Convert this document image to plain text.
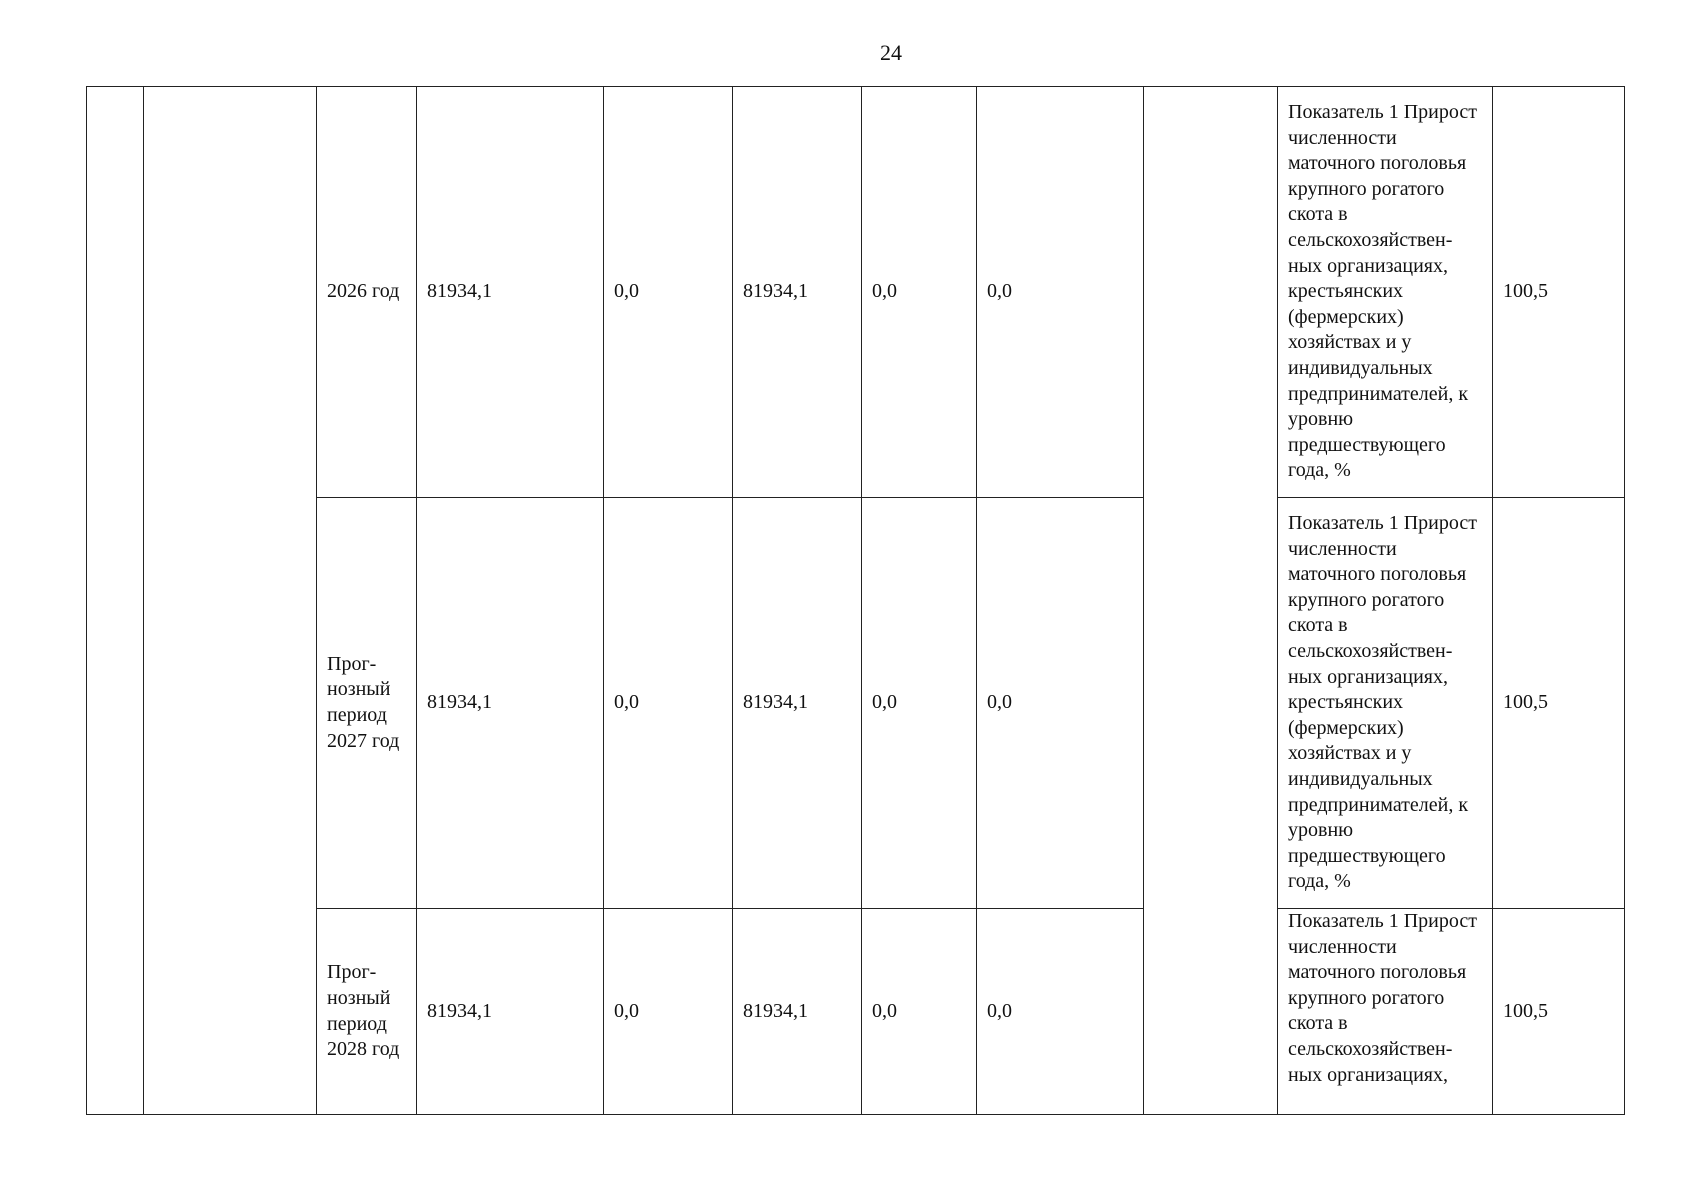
24
		2026 год	81934,1	0,0	81934,1	0,0	0,0		Показатель 1 Прирост численности маточного поголовья крупного рогатого скота в сельскохозяйствен-ных организациях, крестьянских (фермерских) хозяйствах и у индивидуальных предпринимателей, к уровню предшествующего года, %	100,5
		Прог-нозный период 2027 год	81934,1	0,0	81934,1	0,0	0,0		Показатель 1 Прирост численности маточного поголовья крупного рогатого скота в сельскохозяйствен-ных организациях, крестьянских (фермерских) хозяйствах и у индивидуальных предпринимателей, к уровню предшествующего года, %	100,5
		Прог-нозный период 2028 год	81934,1	0,0	81934,1	0,0	0,0		Показатель 1 Прирост численности маточного поголовья крупного рогатого скота в сельскохозяйствен-ных организациях,	100,5
